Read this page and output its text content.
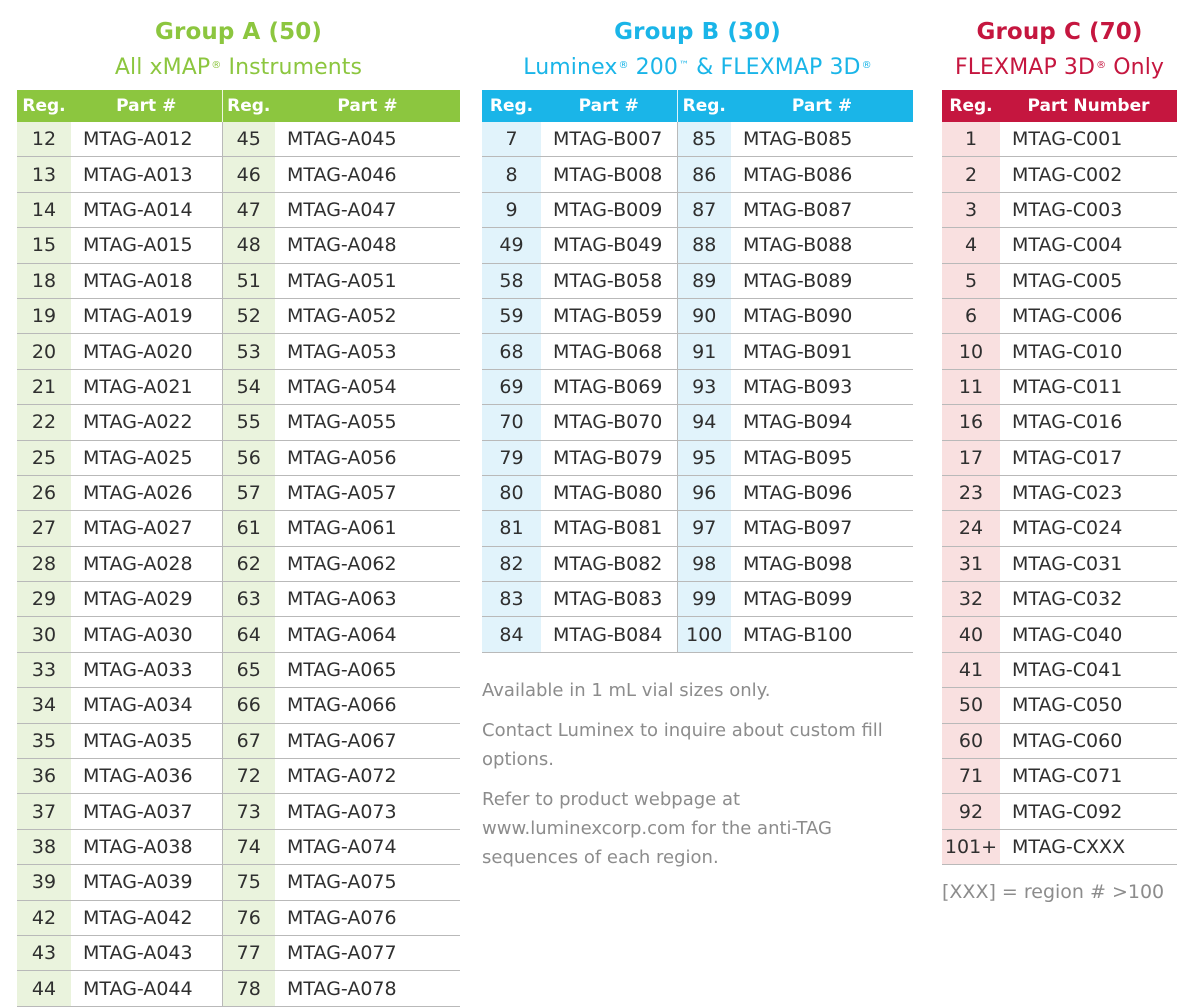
Group A (50)
All xMAP® Instruments
Reg.	Part #	Reg.	Part #
12	MTAG-A012	45	MTAG-A045
13	MTAG-A013	46	MTAG-A046
14	MTAG-A014	47	MTAG-A047
15	MTAG-A015	48	MTAG-A048
18	MTAG-A018	51	MTAG-A051
19	MTAG-A019	52	MTAG-A052
20	MTAG-A020	53	MTAG-A053
21	MTAG-A021	54	MTAG-A054
22	MTAG-A022	55	MTAG-A055
25	MTAG-A025	56	MTAG-A056
26	MTAG-A026	57	MTAG-A057
27	MTAG-A027	61	MTAG-A061
28	MTAG-A028	62	MTAG-A062
29	MTAG-A029	63	MTAG-A063
30	MTAG-A030	64	MTAG-A064
33	MTAG-A033	65	MTAG-A065
34	MTAG-A034	66	MTAG-A066
35	MTAG-A035	67	MTAG-A067
36	MTAG-A036	72	MTAG-A072
37	MTAG-A037	73	MTAG-A073
38	MTAG-A038	74	MTAG-A074
39	MTAG-A039	75	MTAG-A075
42	MTAG-A042	76	MTAG-A076
43	MTAG-A043	77	MTAG-A077
44	MTAG-A044	78	MTAG-A078
Group B (30)
Luminex® 200™ & FLEXMAP 3D®
Reg.	Part #	Reg.	Part #
7	MTAG-B007	85	MTAG-B085
8	MTAG-B008	86	MTAG-B086
9	MTAG-B009	87	MTAG-B087
49	MTAG-B049	88	MTAG-B088
58	MTAG-B058	89	MTAG-B089
59	MTAG-B059	90	MTAG-B090
68	MTAG-B068	91	MTAG-B091
69	MTAG-B069	93	MTAG-B093
70	MTAG-B070	94	MTAG-B094
79	MTAG-B079	95	MTAG-B095
80	MTAG-B080	96	MTAG-B096
81	MTAG-B081	97	MTAG-B097
82	MTAG-B082	98	MTAG-B098
83	MTAG-B083	99	MTAG-B099
84	MTAG-B084	100	MTAG-B100
Group C (70)
FLEXMAP 3D® Only
Reg.	Part Number
1	MTAG-C001
2	MTAG-C002
3	MTAG-C003
4	MTAG-C004
5	MTAG-C005
6	MTAG-C006
10	MTAG-C010
11	MTAG-C011
16	MTAG-C016
17	MTAG-C017
23	MTAG-C023
24	MTAG-C024
31	MTAG-C031
32	MTAG-C032
40	MTAG-C040
41	MTAG-C041
50	MTAG-C050
60	MTAG-C060
71	MTAG-C071
92	MTAG-C092
101+	MTAG-CXXX

Available in 1 mL vial sizes only.

Contact Luminex to inquire about custom fill options.

Refer to product webpage at www.luminexcorp.com for the anti-TAG sequences of each region.

[XXX] = region # >100
